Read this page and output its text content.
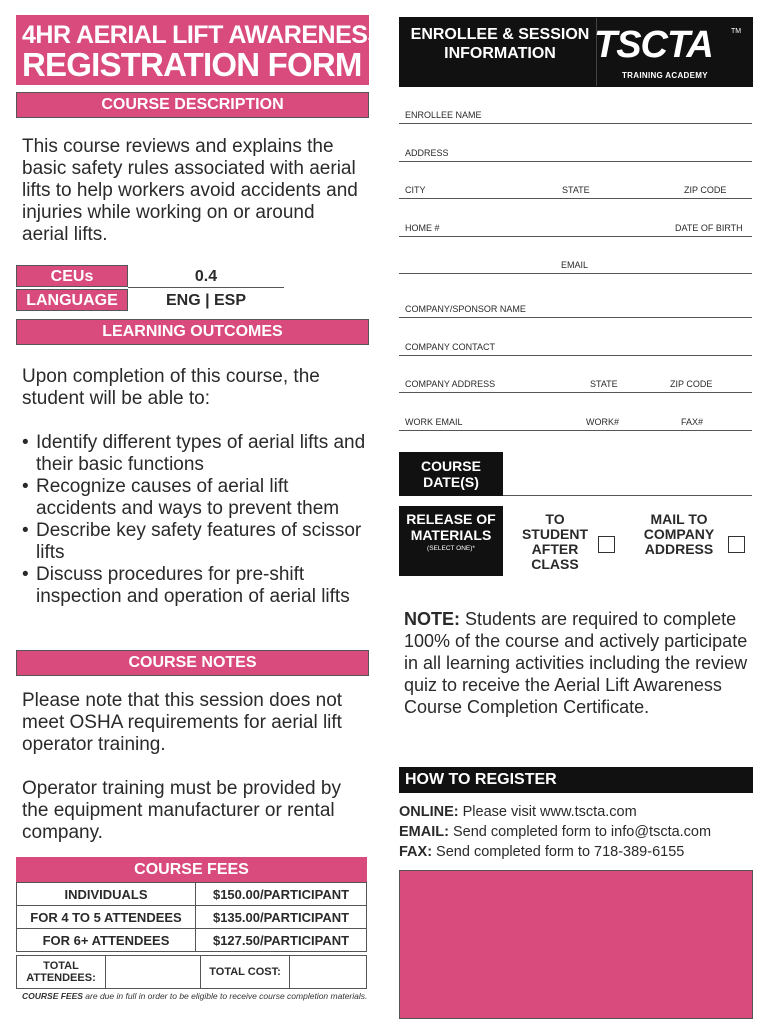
4HR AERIAL LIFT AWARENESS
REGISTRATION FORM
COURSE DESCRIPTION
This course reviews and explains the basic safety rules associated with aerial lifts to help workers avoid accidents and injuries while working on or around aerial lifts.
CEUs	0.4
LANGUAGE	ENG | ESP
LEARNING OUTCOMES
Upon completion of this course, the student will be able to:
• Identify different types of aerial lifts and their basic functions
• Recognize causes of aerial lift accidents and ways to prevent them
• Describe key safety features of scissor lifts
• Discuss procedures for pre-shift inspection and operation of aerial lifts
COURSE NOTES
Please note that this session does not meet OSHA requirements for aerial lift operator training.
Operator training must be provided by the equipment manufacturer or rental company.
COURSE FEES
INDIVIDUALS	$150.00/PARTICIPANT
FOR 4 TO 5 ATTENDEES	$135.00/PARTICIPANT
FOR 6+ ATTENDEES	$127.50/PARTICIPANT
TOTAL ATTENDEES:		TOTAL COST:	
COURSE FEES are due in full in order to be eligible to receive course completion materials.
ENROLLEE & SESSION INFORMATION	TSCTA	TM
TRAINING ACADEMY
ENROLLEE NAME
ADDRESS
CITY	STATE	ZIP CODE
HOME #	DATE OF BIRTH
EMAIL
COMPANY/SPONSOR NAME
COMPANY CONTACT
COMPANY ADDRESS	STATE	ZIP CODE
WORK EMAIL	WORK#	FAX#
COURSE DATE(S)
RELEASE OF MATERIALS
(SELECT ONE)*
TO STUDENT AFTER CLASS
MAIL TO COMPANY ADDRESS
NOTE: Students are required to complete 100% of the course and actively participate in all learning activities including the review quiz to receive the Aerial Lift Awareness Course Completion Certificate.
HOW TO REGISTER
ONLINE: Please visit www.tscta.com
EMAIL: Send completed form to info@tscta.com
FAX: Send completed form to 718-389-6155
